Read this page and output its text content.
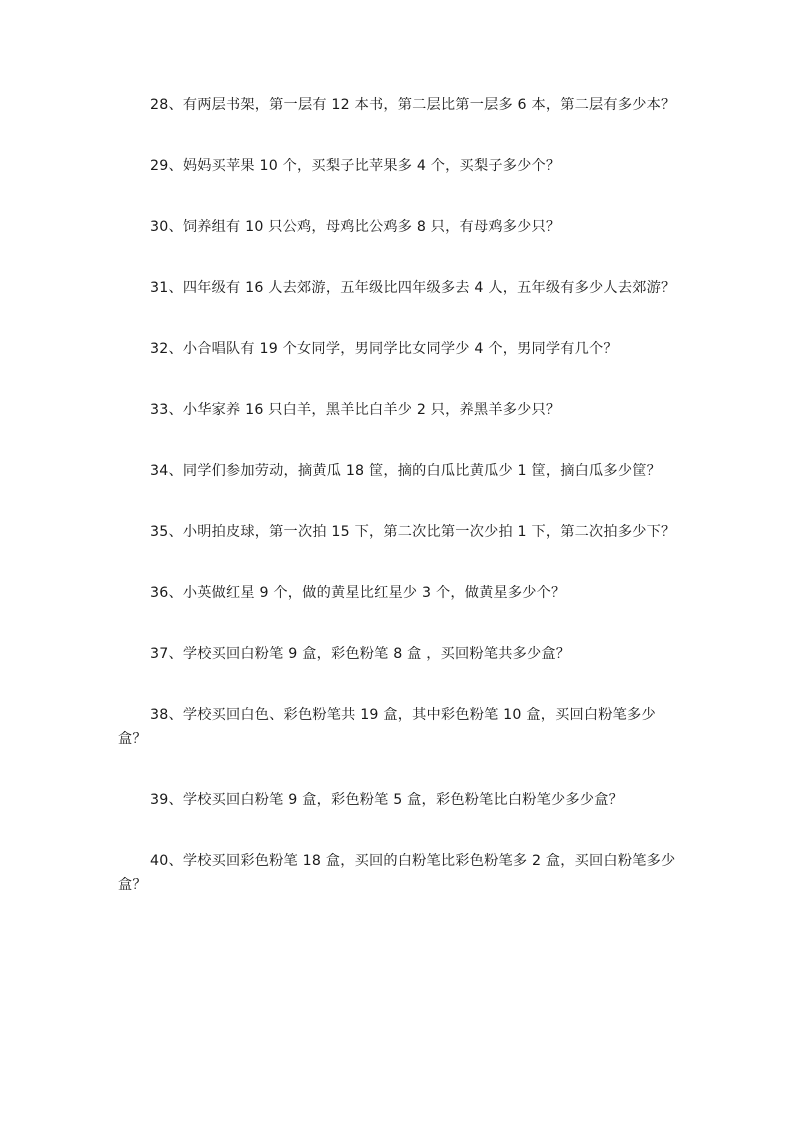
28、有两层书架，第一层有 12 本书，第二层比第一层多 6 本，第二层有多少本？
29、妈妈买苹果 10 个，买梨子比苹果多 4 个，买梨子多少个？
30、饲养组有 10 只公鸡，母鸡比公鸡多 8 只，有母鸡多少只？
31、四年级有 16 人去郊游，五年级比四年级多去 4 人，五年级有多少人去郊游？
32、小合唱队有 19 个女同学，男同学比女同学少 4 个，男同学有几个？
33、小华家养 16 只白羊，黑羊比白羊少 2 只，养黑羊多少只？
34、同学们参加劳动，摘黄瓜 18 筐，摘的白瓜比黄瓜少 1 筐，摘白瓜多少筐？
35、小明拍皮球，第一次拍 15 下，第二次比第一次少拍 1 下，第二次拍多少下？
36、小英做红星 9 个，做的黄星比红星少 3 个，做黄星多少个？
37、学校买回白粉笔 9 盒，彩色粉笔 8 盒 ，买回粉笔共多少盒？
38、学校买回白色、彩色粉笔共 19 盒，其中彩色粉笔 10 盒，买回白粉笔多少盒？
39、学校买回白粉笔 9 盒，彩色粉笔 5 盒，彩色粉笔比白粉笔少多少盒？
40、学校买回彩色粉笔 18 盒，买回的白粉笔比彩色粉笔多 2 盒，买回白粉笔多少盒？
